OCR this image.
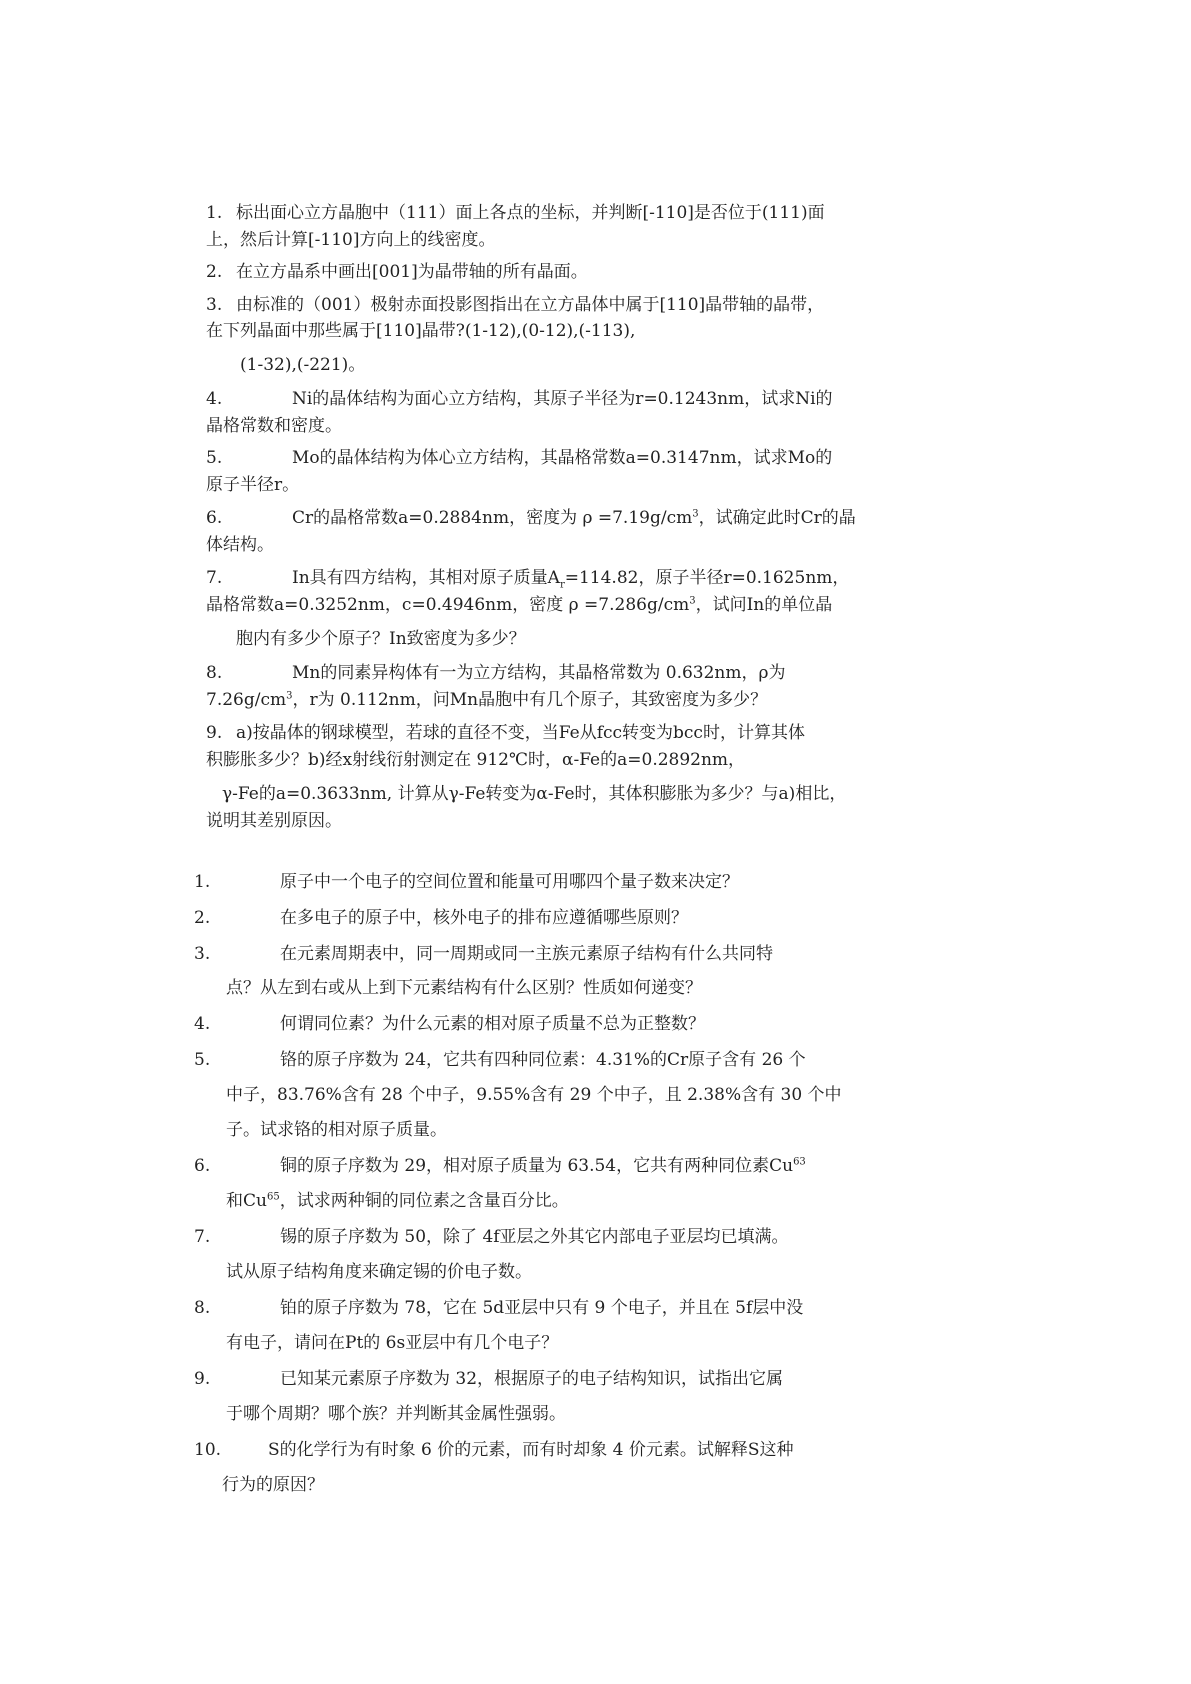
1. 标出面心立方晶胞中（111）面上各点的坐标，并判断[-110]是否位于(111)面
上，然后计算[-110]方向上的线密度。
2. 在立方晶系中画出[001]为晶带轴的所有晶面。
3. 由标准的（001）极射赤面投影图指出在立方晶体中属于[110]晶带轴的晶带，
在下列晶面中那些属于[110]晶带?(1-12),(0-12),(-113),
(1-32),(-221)。
4.	Ni的晶体结构为面心立方结构，其原子半径为r=0.1243nm，试求Ni的
晶格常数和密度。
5.	Mo的晶体结构为体心立方结构，其晶格常数a=0.3147nm，试求Mo的
原子半径r。
6.	Cr的晶格常数a=0.2884nm，密度为 $\rho =7.19g/cm^3$，试确定此时Cr的晶
体结构。
7.	In具有四方结构，其相对原子质量$A_r=114.82$，原子半径r=0.1625nm，
晶格常数a=0.3252nm，c=0.4946nm，密度 $\rho =7.286g/cm^3$，试问In的单位晶
胞内有多少个原子？In致密度为多少？
8.	Mn的同素异构体有一为立方结构，其晶格常数为 0.632nm，ρ为
$7.26g/cm^3$，r为 0.112nm，问Mn晶胞中有几个原子，其致密度为多少？
9. a)按晶体的钢球模型，若球的直径不变，当Fe从fcc转变为bcc时，计算其体
积膨胀多少？b)经x射线衍射测定在 912℃时，α-Fe的a=0.2892nm，
γ-Fe的a=0.3633nm, 计算从γ-Fe转变为α-Fe时，其体积膨胀为多少？与a)相比，
说明其差别原因。
1.	原子中一个电子的空间位置和能量可用哪四个量子数来决定？
2.	在多电子的原子中，核外电子的排布应遵循哪些原则？
3.	在元素周期表中，同一周期或同一主族元素原子结构有什么共同特
点？从左到右或从上到下元素结构有什么区别？性质如何递变？
4.	何谓同位素？为什么元素的相对原子质量不总为正整数？
5.	铬的原子序数为 24，它共有四种同位素：4.31%的Cr原子含有 26 个
中子，83.76%含有 28 个中子，9.55%含有 29 个中子，且 2.38%含有 30 个中
子。试求铬的相对原子质量。
6.	铜的原子序数为 29，相对原子质量为 63.54，它共有两种同位素Cu$^{63}$
和Cu$^{65}$，试求两种铜的同位素之含量百分比。
7.	锡的原子序数为 50，除了 4f亚层之外其它内部电子亚层均已填满。
试从原子结构角度来确定锡的价电子数。
8.	铂的原子序数为 78，它在 5d亚层中只有 9 个电子，并且在 5f层中没
有电子，请问在Pt的 6s亚层中有几个电子？
9.	已知某元素原子序数为 32，根据原子的电子结构知识，试指出它属
于哪个周期？哪个族？并判断其金属性强弱。
10.	S的化学行为有时象 6 价的元素，而有时却象 4 价元素。试解释S这种
行为的原因？
